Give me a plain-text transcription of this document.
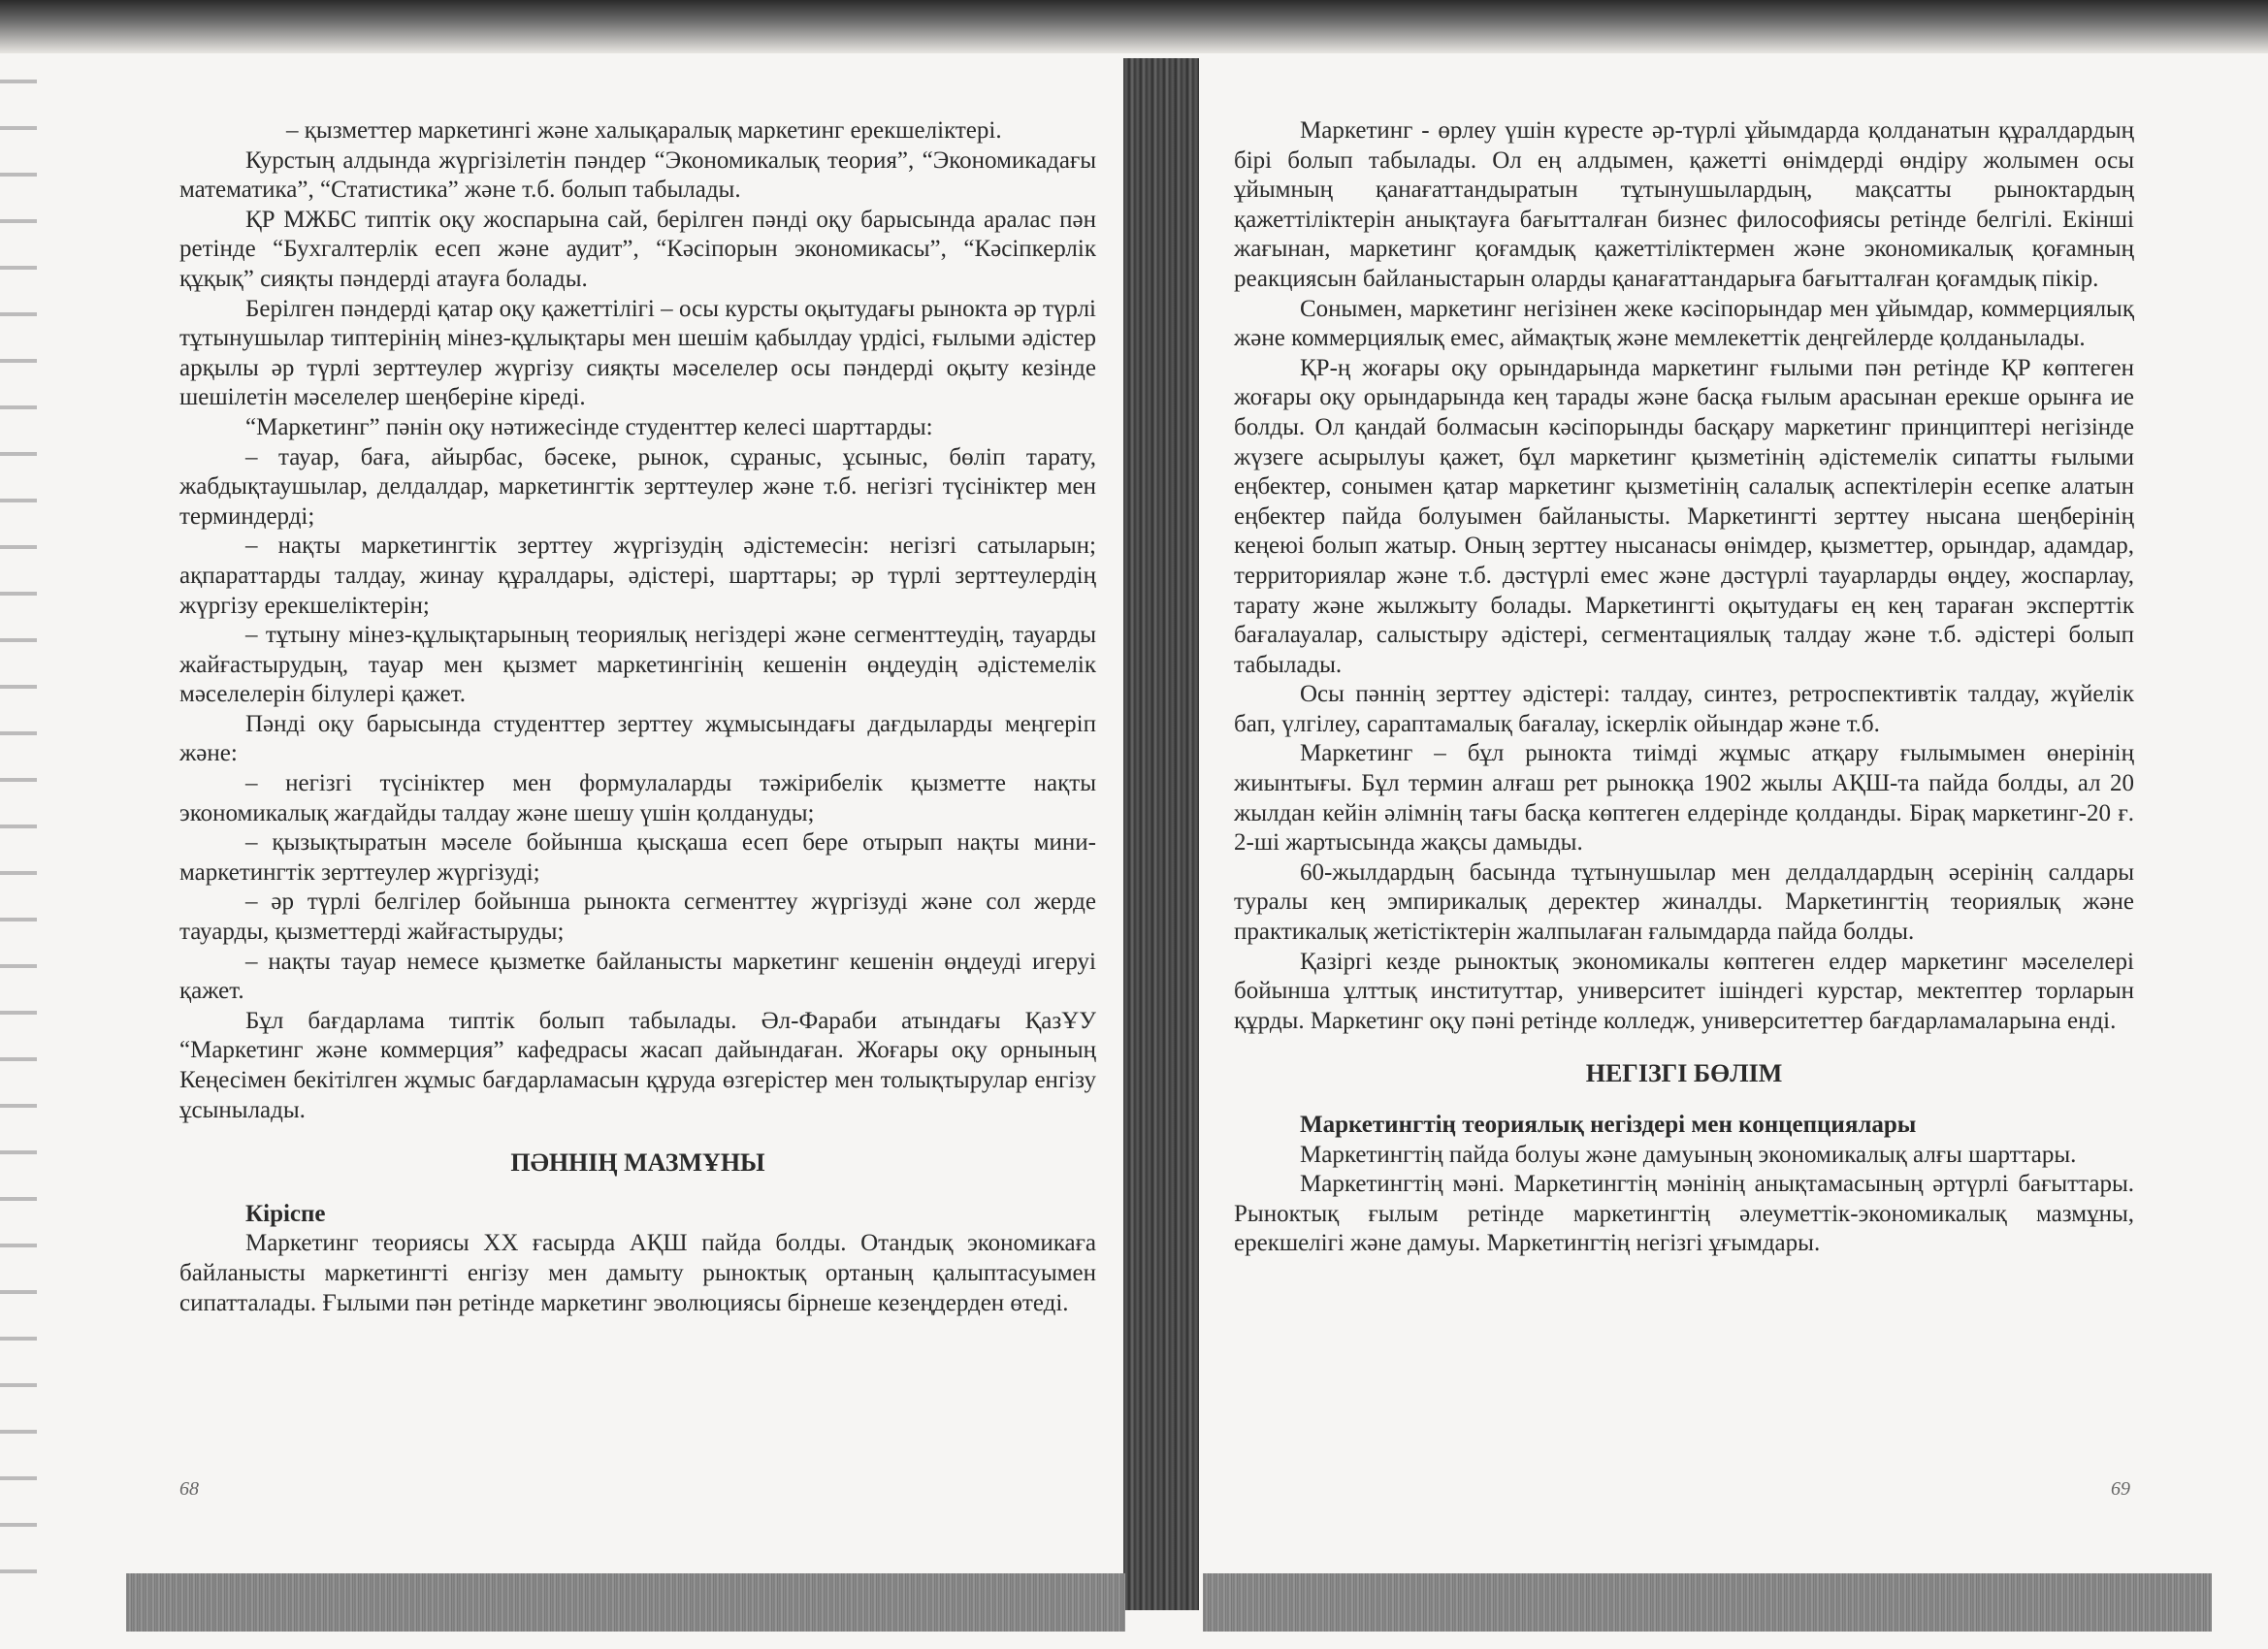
– қызметтер маркетингі және халықаралық маркетинг ерекшеліктері.

Курстың алдында жүргізілетін пәндер “Экономикалық теория”, “Экономикадағы математика”, “Статистика” және т.б. болып табылады.

ҚР МЖБС типтік оқу жоспарына сай, берілген пәнді оқу барысында аралас пән ретінде “Бухгалтерлік есеп және аудит”, “Кәсіпорын экономикасы”, “Кәсіпкерлік құқық” сияқты пәндерді атауға болады.

Берілген пәндерді қатар оқу қажеттілігі – осы курсты оқытудағы рынокта әр түрлі тұтынушылар типтерінің мінез-құлықтары мен шешім қабылдау үрдісі, ғылыми әдістер арқылы әр түрлі зерттеулер жүргізу сияқты мәселелер осы пәндерді оқыту кезінде шешілетін мәселелер шеңберіне кіреді.

“Маркетинг” пәнін оқу нәтижесінде студенттер келесі шарттарды:

– тауар, баға, айырбас, бәсеке, рынок, сұраныс, ұсыныс, бөліп тарату, жабдықтаушылар, делдалдар, маркетингтік зерттеулер және т.б. негізгі түсініктер мен терминдерді;

– нақты маркетингтік зерттеу жүргізудің әдістемесін: негізгі сатыларын; ақпараттарды талдау, жинау құралдары, әдістері, шарттары; әр түрлі зерттеулердің жүргізу ерекшеліктерін;

– тұтыну мінез-құлықтарының теориялық негіздері және сегменттеудің, тауарды жайғастырудың, тауар мен қызмет маркетингінің кешенін өңдеудің әдістемелік мәселелерін білулері қажет.

Пәнді оқу барысында студенттер зерттеу жұмысындағы дағдыларды меңгеріп және:

– негізгі түсініктер мен формулаларды тәжірибелік қызметте нақты экономикалық жағдайды талдау және шешу үшін қолдануды;

– қызықтыратын мәселе бойынша қысқаша есеп бере отырып нақты мини- маркетингтік зерттеулер жүргізуді;

– әр түрлі белгілер бойынша рынокта сегменттеу жүргізуді және сол жерде тауарды, қызметтерді жайғастыруды;

– нақты тауар немесе қызметке байланысты маркетинг кешенін өңдеуді игеруі қажет.

Бұл бағдарлама типтік болып табылады. Әл-Фараби атындағы ҚазҰУ “Маркетинг және коммерция” кафедрасы жасап дайындаған. Жоғары оқу орнының Кеңесімен бекітілген жұмыс бағдарламасын құруда өзгерістер мен толықтырулар енгізу ұсынылады.

ПӘННІҢ МАЗМҰНЫ

Кіріспе

Маркетинг теориясы XX ғасырда АҚШ пайда болды. Отандық экономикаға байланысты маркетингті енгізу мен дамыту рыноктық ортаның қалыптасуымен сипатталады. Ғылыми пән ретінде маркетинг эволюциясы бірнеше кезеңдерден өтеді.

68

Маркетинг - өрлеу үшін күресте әр-түрлі ұйымдарда қолданатын құралдардың бірі болып табылады. Ол ең алдымен, қажетті өнімдерді өндіру жолымен осы ұйымның қанағаттандыратын тұтынушылардың, мақсатты рыноктардың қажеттіліктерін анықтауға бағытталған бизнес философиясы ретінде белгілі. Екінші жағынан, маркетинг қоғамдық қажеттіліктермен және экономикалық қоғамның реакциясын байланыстарын оларды қанағаттандарыға бағытталған қоғамдық пікір.

Сонымен, маркетинг негізінен жеке кәсіпорындар мен ұйымдар, коммерциялық және коммерциялық емес, аймақтық және мемлекеттік деңгейлерде қолданылады.

ҚР-ң жоғары оқу орындарында маркетинг ғылыми пән ретінде ҚР көптеген жоғары оқу орындарында кең тарады және басқа ғылым арасынан ерекше орынға ие болды. Ол қандай болмасын кәсіпорынды басқару маркетинг принциптері негізінде жүзеге асырылуы қажет, бұл маркетинг қызметінің әдістемелік сипатты ғылыми еңбектер, сонымен қатар маркетинг қызметінің салалық аспектілерін есепке алатын еңбектер пайда болуымен байланысты. Маркетингті зерттеу нысана шеңберінің кеңеюі болып жатыр. Оның зерттеу нысанасы өнімдер, қызметтер, орындар, адамдар, территориялар және т.б. дәстүрлі емес және дәстүрлі тауарларды өңдеу, жоспарлау, тарату және жылжыту болады. Маркетингті оқытудағы ең кең тараған эксперттік бағалауалар, салыстыру әдістері, сегментациялық талдау және т.б. әдістері болып табылады.

Осы пәннің зерттеу әдістері: талдау, синтез, ретроспективтік талдау, жүйелік бап, үлгілеу, сараптамалық бағалау, іскерлік ойындар және т.б.

Маркетинг – бұл рынокта тиімді жұмыс атқару ғылымымен өнерінің жиынтығы. Бұл термин алғаш рет рынокқа 1902 жылы АҚШ-та пайда болды, ал 20 жылдан кейін әлімнің тағы басқа көптеген елдерінде қолданды. Бірақ маркетинг-20 ғ. 2-ші жартысында жақсы дамыды.

60-жылдардың басында тұтынушылар мен делдалдардың әсерінің салдары туралы кең эмпирикалық деректер жиналды. Маркетингтің теориялық және практикалық жетістіктерін жалпылаған ғалымдарда пайда болды.

Қазіргі кезде рыноктық экономикалы көптеген елдер маркетинг мәселелері бойынша ұлттық институттар, университет ішіндегі курстар, мектептер торларын құрды. Маркетинг оқу пәні ретінде колледж, университеттер бағдарламаларына енді.

НЕГІЗГІ БӨЛІМ

Маркетингтің теориялық негіздері мен концепциялары

Маркетингтің пайда болуы және дамуының экономикалық алғы шарттары.

Маркетингтің мәні. Маркетингтің мәнінің анықтамасының әртүрлі бағыттары. Рыноктық ғылым ретінде маркетингтің әлеуметтік-экономикалық мазмұны, ерекшелігі және дамуы. Маркетингтің негізгі ұғымдары.

69
